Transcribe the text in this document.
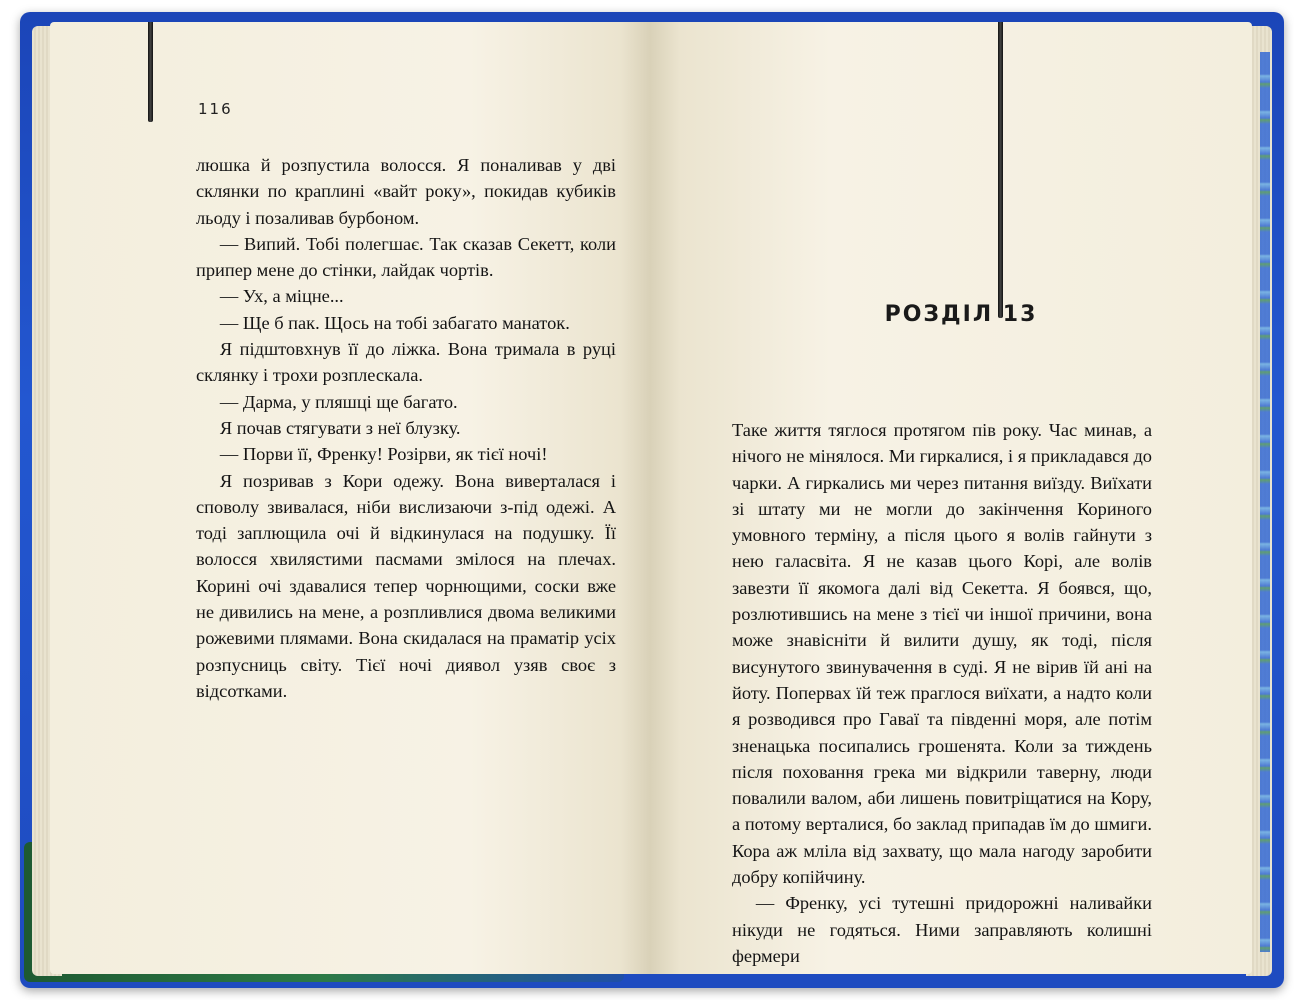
116

люшка й розпустила волосся. Я поналивав у дві склянки по краплині «вайт року», покидав кубиків льоду і позаливав бурбоном.

— Випий. Тобі полегшає. Так сказав Секетт, коли припер мене до стінки, лайдак чортів.

— Ух, а міцне...

— Ще б пак. Щось на тобі забагато манаток.

Я підштовхнув її до ліжка. Вона тримала в руці склянку і трохи розплескала.

— Дарма, у пляшці ще багато.

Я почав стягувати з неї блузку.

— Порви її, Френку! Розірви, як тієї ночі!

Я позривав з Кори одежу. Вона виверталася і споволу звивалася, ніби вислизаючи з-під одежі. А тоді заплющила очі й відкинулася на подушку. Її волосся хвилястими пасмами змілося на плечах. Корині очі здавалися тепер чорнющими, соски вже не дивились на мене, а розпливлися двома великими рожевими плямами. Вона скидалася на праматір усіх розпусниць світу. Тієї ночі диявол узяв своє з відсотками.

РОЗДІЛ 13

Таке життя тяглося протягом пів року. Час минав, а нічого не мінялося. Ми гиркалися, і я прикладався до чарки. А гиркались ми через питання виїзду. Виїхати зі штату ми не могли до закінчення Кориного умовного терміну, а після цього я волів гайнути з нею галасвіта. Я не казав цього Корі, але волів завезти її якомога далі від Секетта. Я боявся, що, розлютившись на мене з тієї чи іншої причини, вона може знавісніти й вилити душу, як тоді, після висунутого звинувачення в суді. Я не вірив їй ані на йоту. Поперваx їй теж праглося виїхати, а надто коли я розводився про Гаваї та південні моря, але потім зненацька посипались грошенята. Коли за тиждень після поховання грека ми відкрили таверну, люди повалили валом, аби лишень повитріщатися на Кору, а потому верталися, бо заклад припадав їм до шмиги. Кора аж мліла від захвату, що мала нагоду заробити добру копійчину.

— Френку, усі тутешні придорожні наливайки нікуди не годяться. Ними заправляють колишні фермери
